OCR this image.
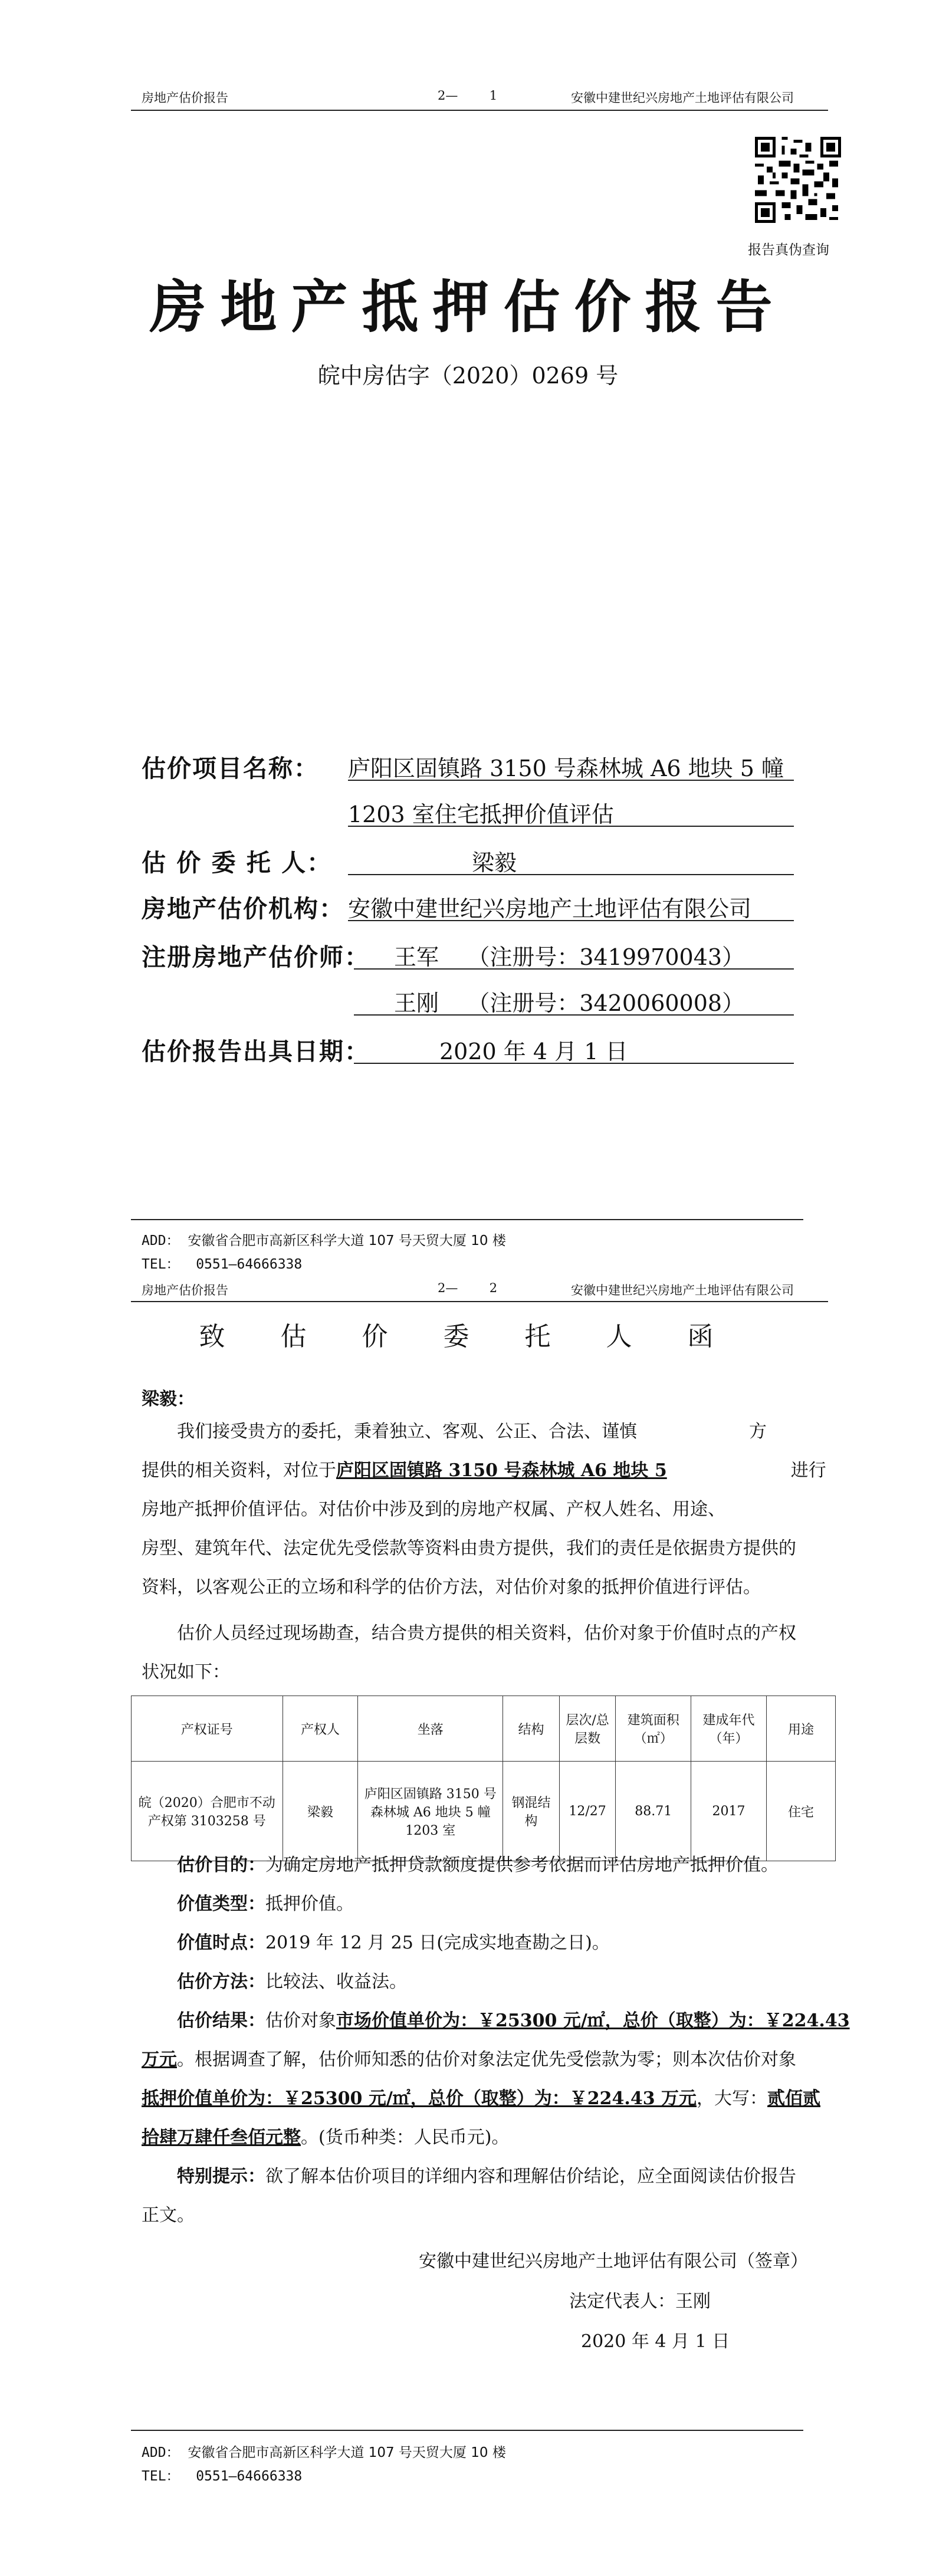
房地产估价报告	2—        1	安徽中建世纪兴房地产土地评估有限公司
报告真伪查询
房地产抵押估价报告
皖中房估字（2020）0269 号
估价项目名称： 庐阳区固镇路 3150 号森林城 A6 地块 5 幢
1203 室住宅抵押价值评估
估 价 委 托 人：	梁毅
房地产估价机构： 安徽中建世纪兴房地产土地评估有限公司
注册房地产估价师： 王军    （注册号：3419970043）
王刚    （注册号：3420060008）
估价报告出具日期：	2020 年 4 月 1 日
ADD： 安徽省合肥市高新区科学大道 107 号天贸大厦 10 楼
TEL：  0551—64666338
房地产估价报告	2—        2	安徽中建世纪兴房地产土地评估有限公司
致 估 价 委 托 人 函
梁毅：
我们接受贵方的委托，秉着独立、客观、公正、合法、谨慎	方
提供的相关资料，对位于庐阳区固镇路 3150 号森林城 A6 地块 5	进行
房地产抵押价值评估。对估价中涉及到的房地产权属、产权人姓名、用途、
房型、建筑年代、法定优先受偿款等资料由贵方提供，我们的责任是依据贵方提供的
资料，以客观公正的立场和科学的估价方法，对估价对象的抵押价值进行评估。
估价人员经过现场勘查，结合贵方提供的相关资料，估价对象于价值时点的产权
状况如下：
产权证号	产权人	坐落	结构	层次/总层数	建筑面积（㎡）	建成年代（年）	用途
皖（2020）合肥市不动产权第 3103258 号	梁毅	庐阳区固镇路 3150 号森林城 A6 地块 5 幢 1203 室	钢混结构	12/27	88.71	2017	住宅
估价目的：为确定房地产抵押贷款额度提供参考依据而评估房地产抵押价值。
价值类型：抵押价值。
价值时点：2019 年 12 月 25 日(完成实地查勘之日)。
估价方法：比较法、收益法。
估价结果：估价对象市场价值单价为：￥25300 元/㎡，总价（取整）为：￥224.43
万元。根据调查了解，估价师知悉的估价对象法定优先受偿款为零；则本次估价对象
抵押价值单价为：￥25300 元/㎡，总价（取整）为：￥224.43 万元，大写：贰佰贰
拾肆万肆仟叁佰元整。(货币种类：人民币元)。
特别提示：欲了解本估价项目的详细内容和理解估价结论，应全面阅读估价报告
正文。
安徽中建世纪兴房地产土地评估有限公司（签章）
法定代表人：王刚
2020 年 4 月 1 日
ADD： 安徽省合肥市高新区科学大道 107 号天贸大厦 10 楼
TEL：  0551—64666338
